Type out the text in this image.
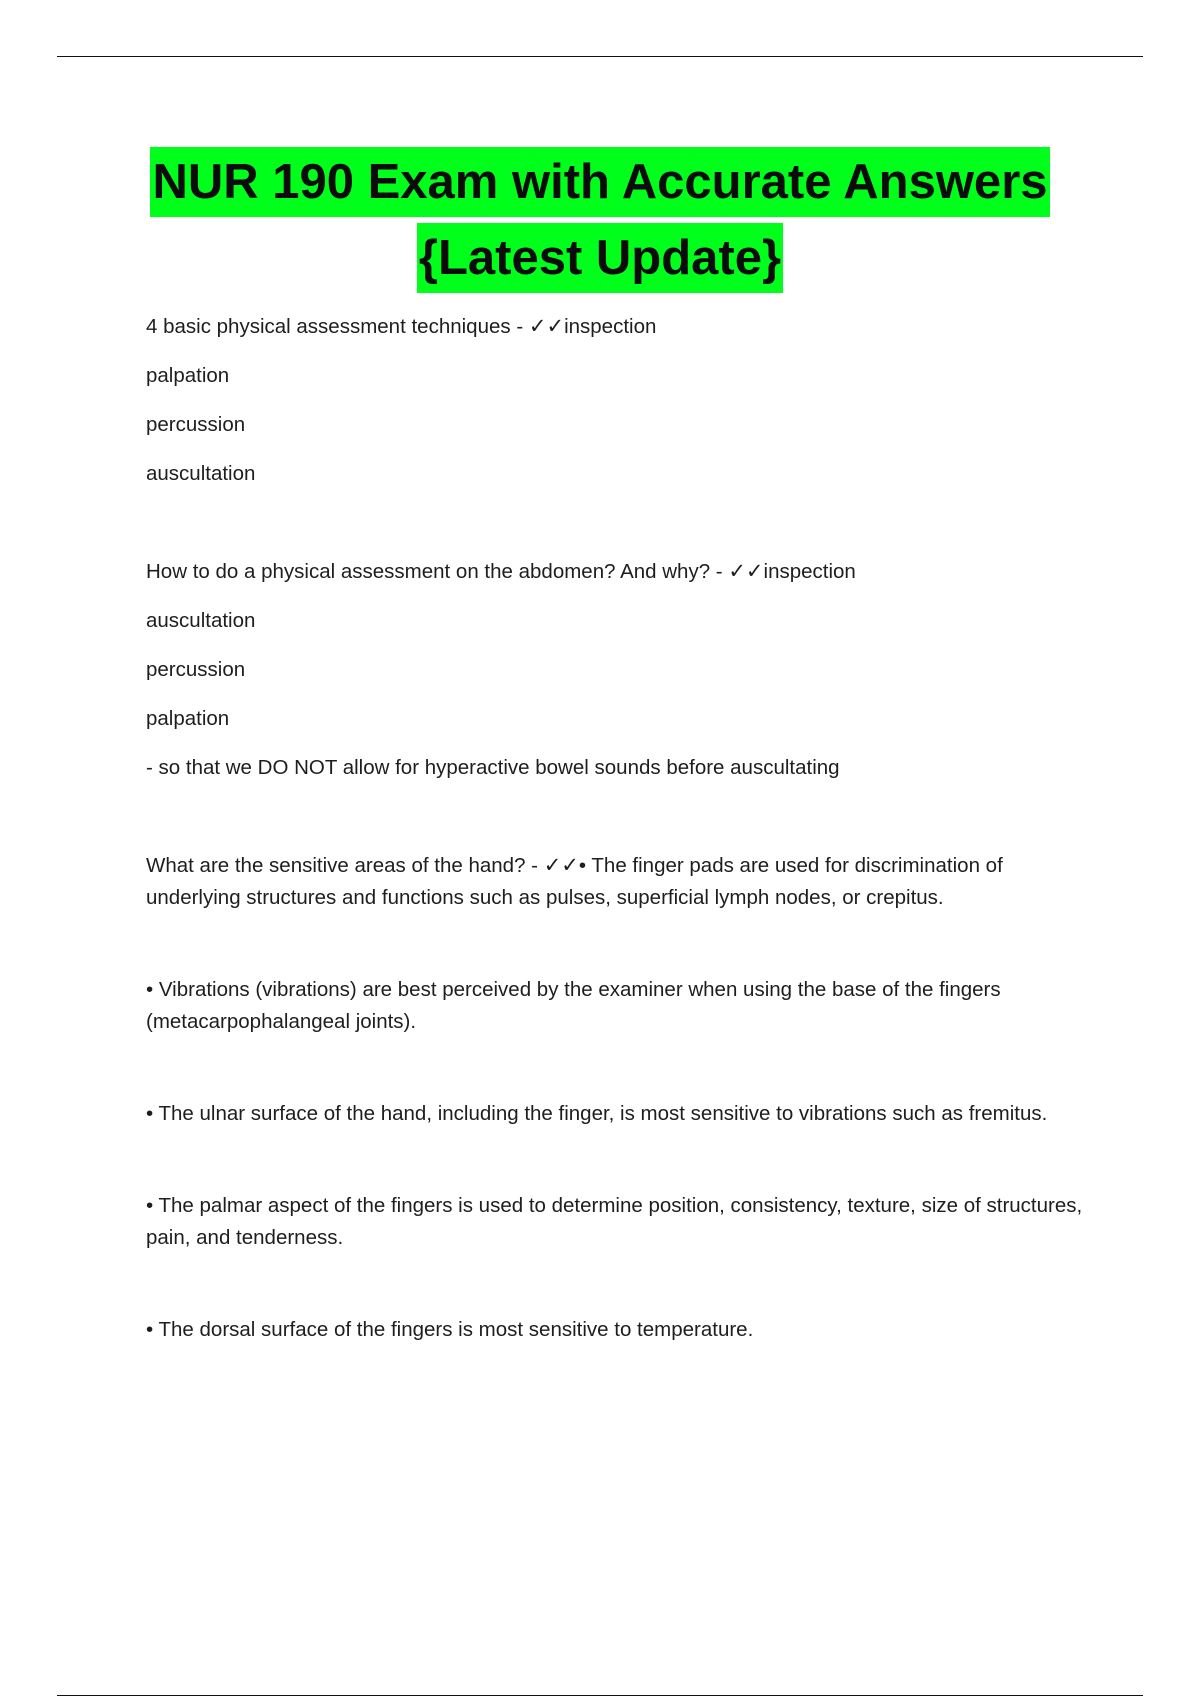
NUR 190 Exam with Accurate Answers
{Latest Update}

4 basic physical assessment techniques - ✓✓inspection

palpation

percussion

auscultation

How to do a physical assessment on the abdomen? And why? - ✓✓inspection

auscultation

percussion

palpation

- so that we DO NOT allow for hyperactive bowel sounds before auscultating

What are the sensitive areas of the hand? - ✓✓• The finger pads are used for discrimination of underlying structures and functions such as pulses, superficial lymph nodes, or crepitus.

• Vibrations (vibrations) are best perceived by the examiner when using the base of the fingers (metacarpophalangeal joints).

• The ulnar surface of the hand, including the finger, is most sensitive to vibrations such as fremitus.

• The palmar aspect of the fingers is used to determine position, consistency, texture, size of structures, pain, and tenderness.

• The dorsal surface of the fingers is most sensitive to temperature.
